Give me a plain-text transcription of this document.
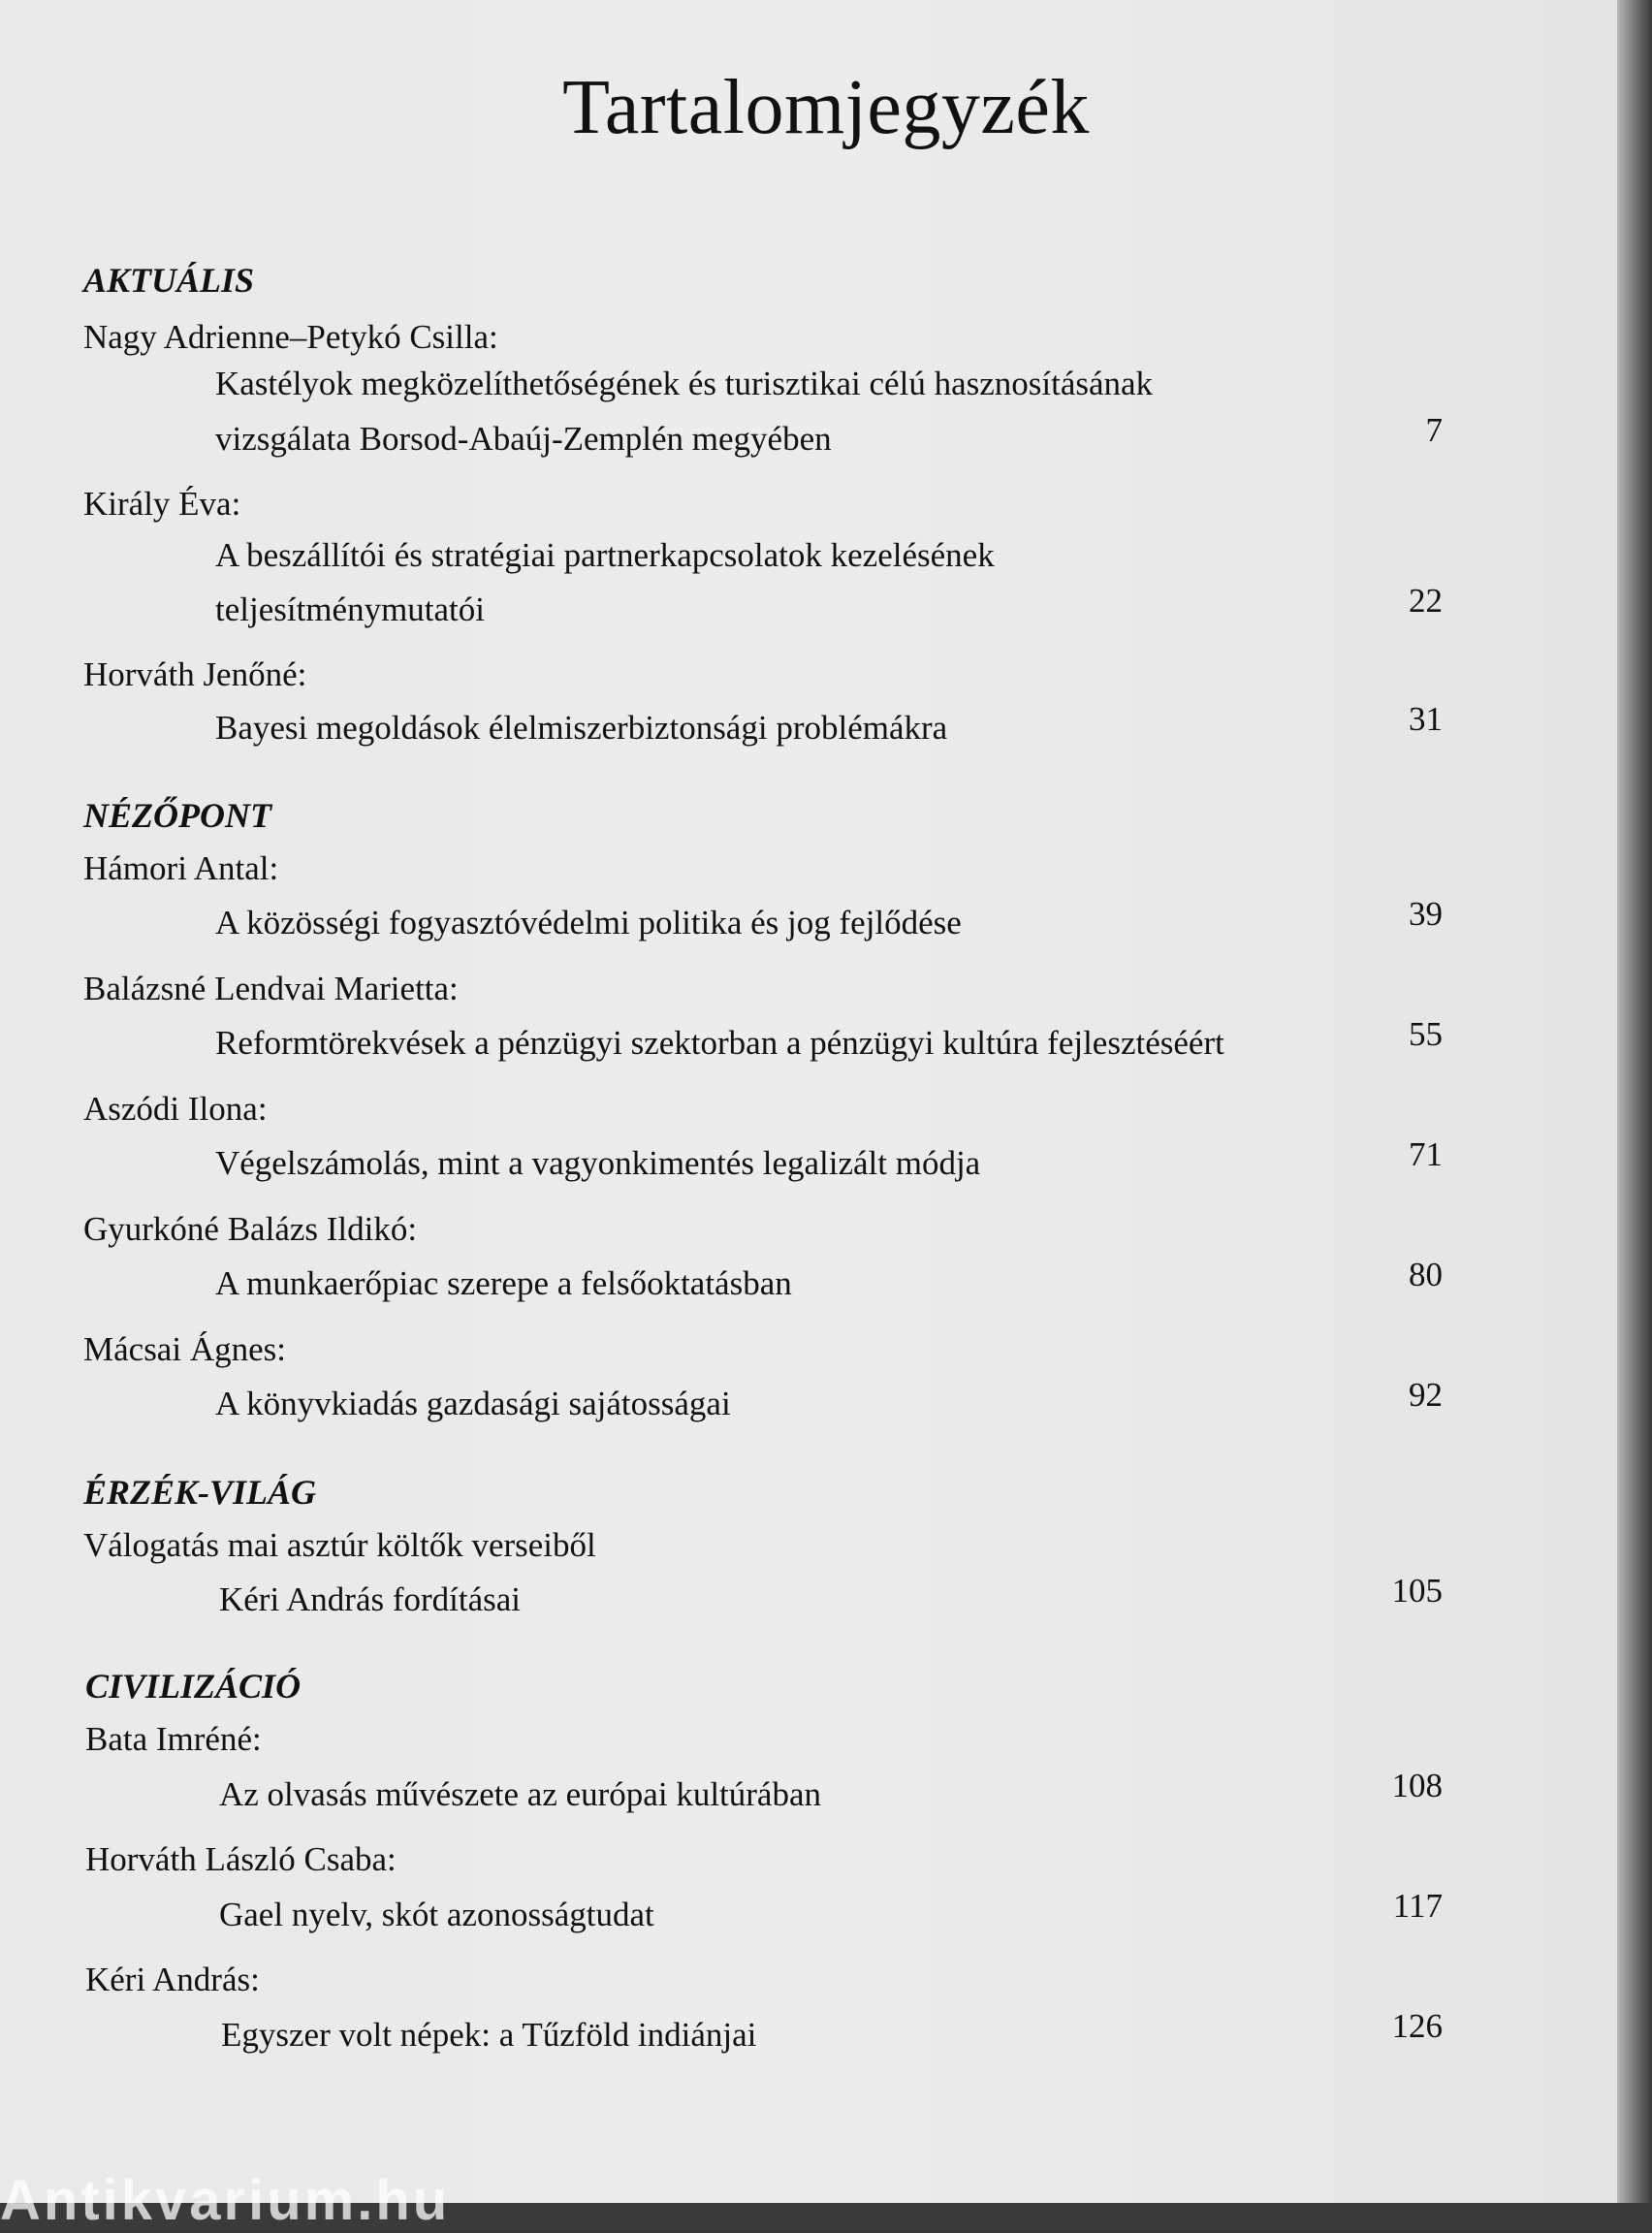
Tartalomjegyzék
AKTUÁLIS
Nagy Adrienne–Petykó Csilla:
Kastélyok megközelíthetőségének és turisztikai célú hasznosításának
vizsgálata Borsod-Abaúj-Zemplén megyében	7
Király Éva:
A beszállítói és stratégiai partnerkapcsolatok kezelésének
teljesítménymutatói	22
Horváth Jenőné:
Bayesi megoldások élelmiszerbiztonsági problémákra	31
NÉZŐPONT
Hámori Antal:
A közösségi fogyasztóvédelmi politika és jog fejlődése	39
Balázsné Lendvai Marietta:
Reformtörekvések a pénzügyi szektorban a pénzügyi kultúra fejlesztéséért	55
Aszódi Ilona:
Végelszámolás, mint a vagyonkimentés legalizált módja	71
Gyurkóné Balázs Ildikó:
A munkaerőpiac szerepe a felsőoktatásban	80
Mácsai Ágnes:
A könyvkiadás gazdasági sajátosságai	92
ÉRZÉK-VILÁG
Válogatás mai asztúr költők verseiből
Kéri András fordításai	105
CIVILIZÁCIÓ
Bata Imréné:
Az olvasás művészete az európai kultúrában	108
Horváth László Csaba:
Gael nyelv, skót azonosságtudat	117
Kéri András:
Egyszer volt népek: a Tűzföld indiánjai	126
Antikvarium.hu
